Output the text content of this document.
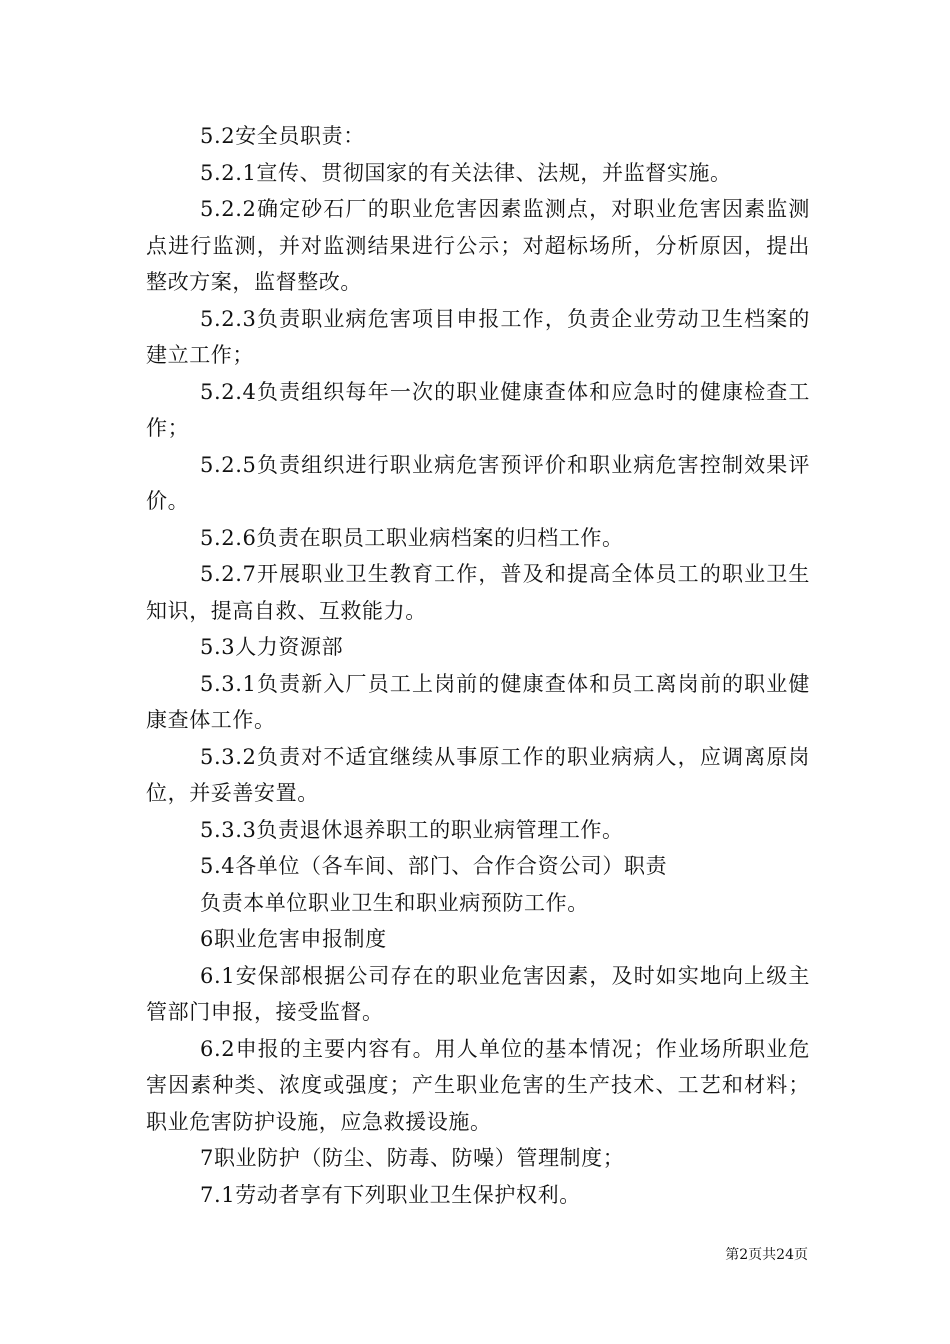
5.2安全员职责：

5.2.1宣传、贯彻国家的有关法律、法规，并监督实施。

5.2.2确定砂石厂的职业危害因素监测点，对职业危害因素监测点进行监测，并对监测结果进行公示；对超标场所，分析原因，提出整改方案，监督整改。

5.2.3负责职业病危害项目申报工作，负责企业劳动卫生档案的建立工作；

5.2.4负责组织每年一次的职业健康查体和应急时的健康检查工作；

5.2.5负责组织进行职业病危害预评价和职业病危害控制效果评价。

5.2.6负责在职员工职业病档案的归档工作。

5.2.7开展职业卫生教育工作，普及和提高全体员工的职业卫生知识，提高自救、互救能力。

5.3人力资源部

5.3.1负责新入厂员工上岗前的健康查体和员工离岗前的职业健康查体工作。

5.3.2负责对不适宜继续从事原工作的职业病病人，应调离原岗位，并妥善安置。

5.3.3负责退休退养职工的职业病管理工作。

5.4各单位（各车间、部门、合作合资公司）职责

负责本单位职业卫生和职业病预防工作。

6职业危害申报制度

6.1安保部根据公司存在的职业危害因素，及时如实地向上级主管部门申报，接受监督。

6.2申报的主要内容有。用人单位的基本情况；作业场所职业危害因素种类、浓度或强度；产生职业危害的生产技术、工艺和材料；职业危害防护设施，应急救援设施。

7职业防护（防尘、防毒、防噪）管理制度；

7.1劳动者享有下列职业卫生保护权利。

第2页共24页
